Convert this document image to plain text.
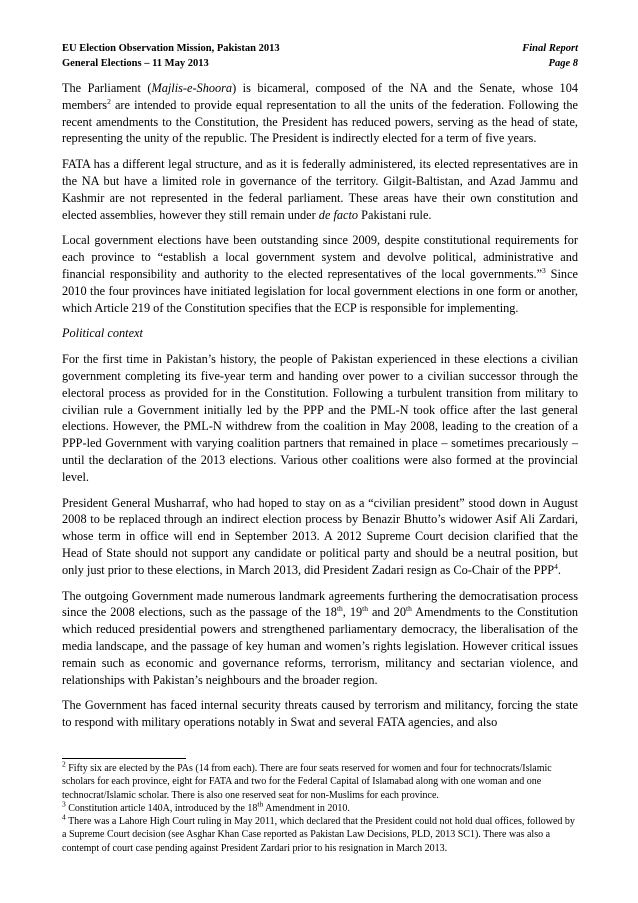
EU Election Observation Mission, Pakistan 2013	Final Report
General Elections – 11 May 2013	Page 8

The Parliament (Majlis-e-Shoora) is bicameral, composed of the NA and the Senate, whose 104 members$^2$ are intended to provide equal representation to all the units of the federation. Following the recent amendments to the Constitution, the President has reduced powers, serving as the head of state, representing the unity of the republic. The President is indirectly elected for a term of five years.

FATA has a different legal structure, and as it is federally administered, its elected representatives are in the NA but have a limited role in governance of the territory. Gilgit-Baltistan, and Azad Jammu and Kashmir are not represented in the federal parliament. These areas have their own constitution and elected assemblies, however they still remain under de facto Pakistani rule.

Local government elections have been outstanding since 2009, despite constitutional requirements for each province to “establish a local government system and devolve political, administrative and financial responsibility and authority to the elected representatives of the local governments.”$^3$ Since 2010 the four provinces have initiated legislation for local government elections in one form or another, which Article 219 of the Constitution specifies that the ECP is responsible for implementing.

Political context

For the first time in Pakistan’s history, the people of Pakistan experienced in these elections a civilian government completing its five-year term and handing over power to a civilian successor through the electoral process as provided for in the Constitution. Following a turbulent transition from military to civilian rule a Government initially led by the PPP and the PML-N took office after the last general elections. However, the PML-N withdrew from the coalition in May 2008, leading to the creation of a PPP-led Government with varying coalition partners that remained in place – sometimes precariously – until the declaration of the 2013 elections. Various other coalitions were also formed at the provincial level.

President General Musharraf, who had hoped to stay on as a “civilian president” stood down in August 2008 to be replaced through an indirect election process by Benazir Bhutto’s widower Asif Ali Zardari, whose term in office will end in September 2013. A 2012 Supreme Court decision clarified that the Head of State should not support any candidate or political party and should be a neutral position, but only just prior to these elections, in March 2013, did President Zadari resign as Co-Chair of the PPP$^4$.

The outgoing Government made numerous landmark agreements furthering the democratisation process since the 2008 elections, such as the passage of the 18th, 19th and 20th Amendments to the Constitution which reduced presidential powers and strengthened parliamentary democracy, the liberalisation of the media landscape, and the passage of key human and women’s rights legislation. However critical issues remain such as economic and governance reforms, terrorism, militancy and sectarian violence, and relationships with Pakistan’s neighbours and the broader region.

The Government has faced internal security threats caused by terrorism and militancy, forcing the state to respond with military operations notably in Swat and several FATA agencies, and also

$^2$ Fifty six are elected by the PAs (14 from each). There are four seats reserved for women and four for technocrats/Islamic scholars for each province, eight for FATA and two for the Federal Capital of Islamabad along with one woman and one technocrat/Islamic scholar. There is also one reserved seat for non-Muslims for each province.

$^3$ Constitution article 140A, introduced by the 18th Amendment in 2010.

$^4$ There was a Lahore High Court ruling in May 2011, which declared that the President could not hold dual offices, followed by a Supreme Court decision (see Asghar Khan Case reported as Pakistan Law Decisions, PLD, 2013 SC1). There was also a contempt of court case pending against President Zardari prior to his resignation in March 2013.
